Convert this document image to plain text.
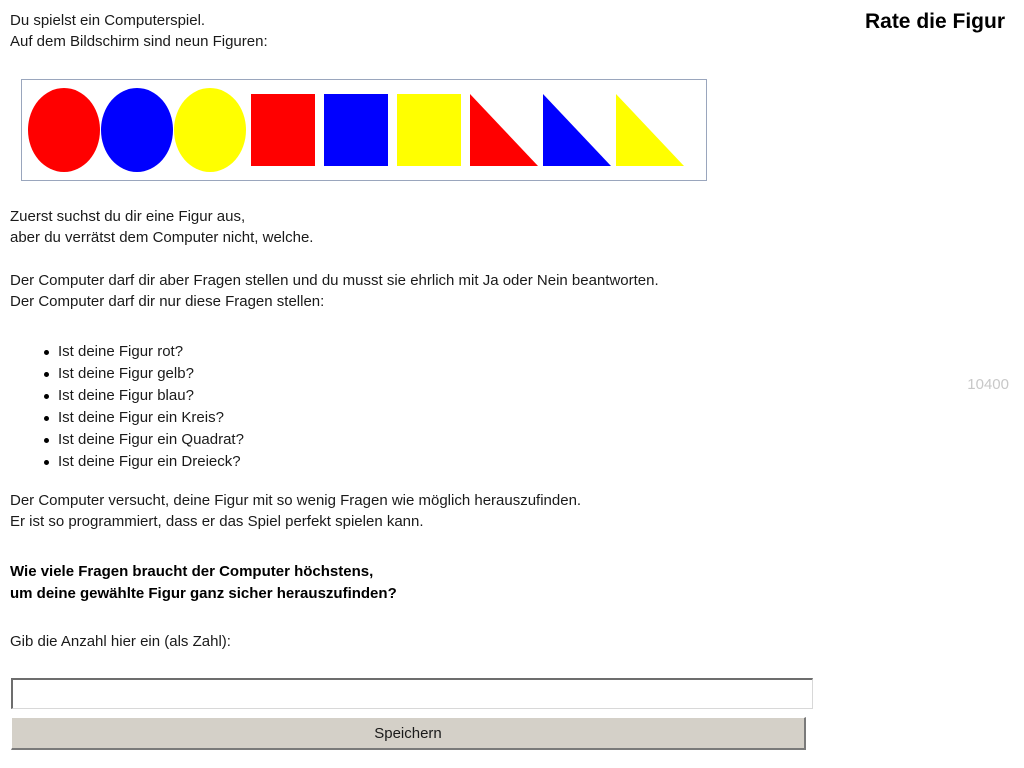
Du spielst ein Computerspiel.
Auf dem Bildschirm sind neun Figuren:
Rate die Figur
Zuerst suchst du dir eine Figur aus,
aber du verrätst dem Computer nicht, welche.
Der Computer darf dir aber Fragen stellen und du musst sie ehrlich mit Ja oder Nein beantworten.
Der Computer darf dir nur diese Fragen stellen:
Ist deine Figur rot?
Ist deine Figur gelb?
Ist deine Figur blau?
Ist deine Figur ein Kreis?
Ist deine Figur ein Quadrat?
Ist deine Figur ein Dreieck?
10400
Der Computer versucht, deine Figur mit so wenig Fragen wie möglich herauszufinden.
Er ist so programmiert, dass er das Spiel perfekt spielen kann.
Wie viele Fragen braucht der Computer höchstens,
um deine gewählte Figur ganz sicher herauszufinden?
Gib die Anzahl hier ein (als Zahl):
Speichern
